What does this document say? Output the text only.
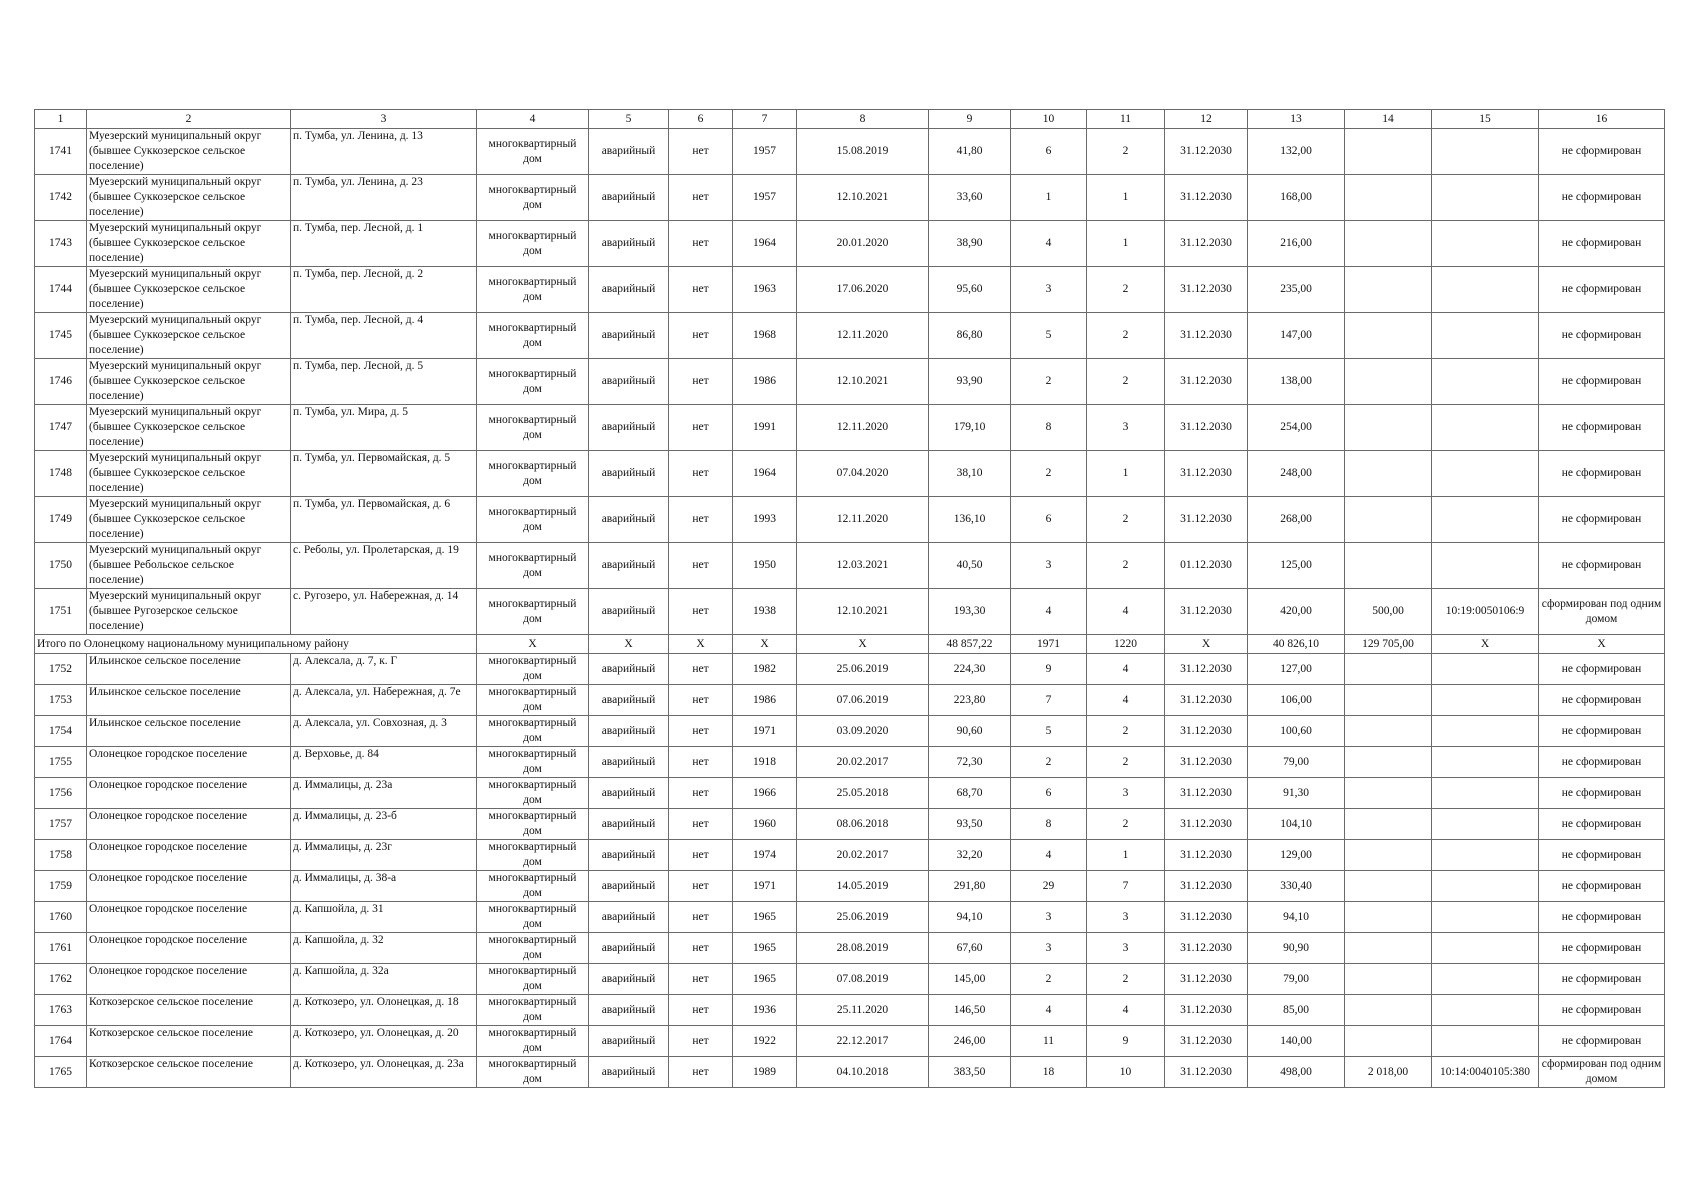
1	2	3	4	5	6	7	8	9	10	11	12	13	14	15	16
1741	Муезерский муниципальный округ (бывшее Суккозерское сельское поселение)	п. Тумба, ул. Ленина, д. 13	многоквартирный дом	аварийный	нет	1957	15.08.2019	41,80	6	2	31.12.2030	132,00			не сформирован
1742	Муезерский муниципальный округ (бывшее Суккозерское сельское поселение)	п. Тумба, ул. Ленина, д. 23	многоквартирный дом	аварийный	нет	1957	12.10.2021	33,60	1	1	31.12.2030	168,00			не сформирован
1743	Муезерский муниципальный округ (бывшее Суккозерское сельское поселение)	п. Тумба, пер. Лесной, д. 1	многоквартирный дом	аварийный	нет	1964	20.01.2020	38,90	4	1	31.12.2030	216,00			не сформирован
1744	Муезерский муниципальный округ (бывшее Суккозерское сельское поселение)	п. Тумба, пер. Лесной, д. 2	многоквартирный дом	аварийный	нет	1963	17.06.2020	95,60	3	2	31.12.2030	235,00			не сформирован
1745	Муезерский муниципальный округ (бывшее Суккозерское сельское поселение)	п. Тумба, пер. Лесной, д. 4	многоквартирный дом	аварийный	нет	1968	12.11.2020	86,80	5	2	31.12.2030	147,00			не сформирован
1746	Муезерский муниципальный округ (бывшее Суккозерское сельское поселение)	п. Тумба, пер. Лесной, д. 5	многоквартирный дом	аварийный	нет	1986	12.10.2021	93,90	2	2	31.12.2030	138,00			не сформирован
1747	Муезерский муниципальный округ (бывшее Суккозерское сельское поселение)	п. Тумба, ул. Мира, д. 5	многоквартирный дом	аварийный	нет	1991	12.11.2020	179,10	8	3	31.12.2030	254,00			не сформирован
1748	Муезерский муниципальный округ (бывшее Суккозерское сельское поселение)	п. Тумба, ул. Первомайская, д. 5	многоквартирный дом	аварийный	нет	1964	07.04.2020	38,10	2	1	31.12.2030	248,00			не сформирован
1749	Муезерский муниципальный округ (бывшее Суккозерское сельское поселение)	п. Тумба, ул. Первомайская, д. 6	многоквартирный дом	аварийный	нет	1993	12.11.2020	136,10	6	2	31.12.2030	268,00			не сформирован
1750	Муезерский муниципальный округ (бывшее Ребольское сельское поселение)	с. Реболы, ул. Пролетарская, д. 19	многоквартирный дом	аварийный	нет	1950	12.03.2021	40,50	3	2	01.12.2030	125,00			не сформирован
1751	Муезерский муниципальный округ (бывшее Ругозерское сельское поселение)	с. Ругозеро, ул. Набережная, д. 14	многоквартирный дом	аварийный	нет	1938	12.10.2021	193,30	4	4	31.12.2030	420,00	500,00	10:19:0050106:9	сформирован под одним домом
Итого по Олонецкому национальному муниципальному району			X	X	X	X	X	48 857,22	1971	1220	X	40 826,10	129 705,00	X	X
1752	Ильинское сельское поселение	д. Алексала, д. 7, к. Г	многоквартирный дом	аварийный	нет	1982	25.06.2019	224,30	9	4	31.12.2030	127,00			не сформирован
1753	Ильинское сельское поселение	д. Алексала, ул. Набережная, д. 7е	многоквартирный дом	аварийный	нет	1986	07.06.2019	223,80	7	4	31.12.2030	106,00			не сформирован
1754	Ильинское сельское поселение	д. Алексала, ул. Совхозная, д. 3	многоквартирный дом	аварийный	нет	1971	03.09.2020	90,60	5	2	31.12.2030	100,60			не сформирован
1755	Олонецкое городское поселение	д. Верховье, д. 84	многоквартирный дом	аварийный	нет	1918	20.02.2017	72,30	2	2	31.12.2030	79,00			не сформирован
1756	Олонецкое городское поселение	д. Иммалицы, д. 23а	многоквартирный дом	аварийный	нет	1966	25.05.2018	68,70	6	3	31.12.2030	91,30			не сформирован
1757	Олонецкое городское поселение	д. Иммалицы, д. 23-б	многоквартирный дом	аварийный	нет	1960	08.06.2018	93,50	8	2	31.12.2030	104,10			не сформирован
1758	Олонецкое городское поселение	д. Иммалицы, д. 23г	многоквартирный дом	аварийный	нет	1974	20.02.2017	32,20	4	1	31.12.2030	129,00			не сформирован
1759	Олонецкое городское поселение	д. Иммалицы, д. 38-а	многоквартирный дом	аварийный	нет	1971	14.05.2019	291,80	29	7	31.12.2030	330,40			не сформирован
1760	Олонецкое городское поселение	д. Капшойла, д. 31	многоквартирный дом	аварийный	нет	1965	25.06.2019	94,10	3	3	31.12.2030	94,10			не сформирован
1761	Олонецкое городское поселение	д. Капшойла, д. 32	многоквартирный дом	аварийный	нет	1965	28.08.2019	67,60	3	3	31.12.2030	90,90			не сформирован
1762	Олонецкое городское поселение	д. Капшойла, д. 32а	многоквартирный дом	аварийный	нет	1965	07.08.2019	145,00	2	2	31.12.2030	79,00			не сформирован
1763	Коткозерское сельское поселение	д. Коткозеро, ул. Олонецкая, д. 18	многоквартирный дом	аварийный	нет	1936	25.11.2020	146,50	4	4	31.12.2030	85,00			не сформирован
1764	Коткозерское сельское поселение	д. Коткозеро, ул. Олонецкая, д. 20	многоквартирный дом	аварийный	нет	1922	22.12.2017	246,00	11	9	31.12.2030	140,00			не сформирован
1765	Коткозерское сельское поселение	д. Коткозеро, ул. Олонецкая, д. 23а	многоквартирный дом	аварийный	нет	1989	04.10.2018	383,50	18	10	31.12.2030	498,00	2 018,00	10:14:0040105:380	сформирован под одним домом
